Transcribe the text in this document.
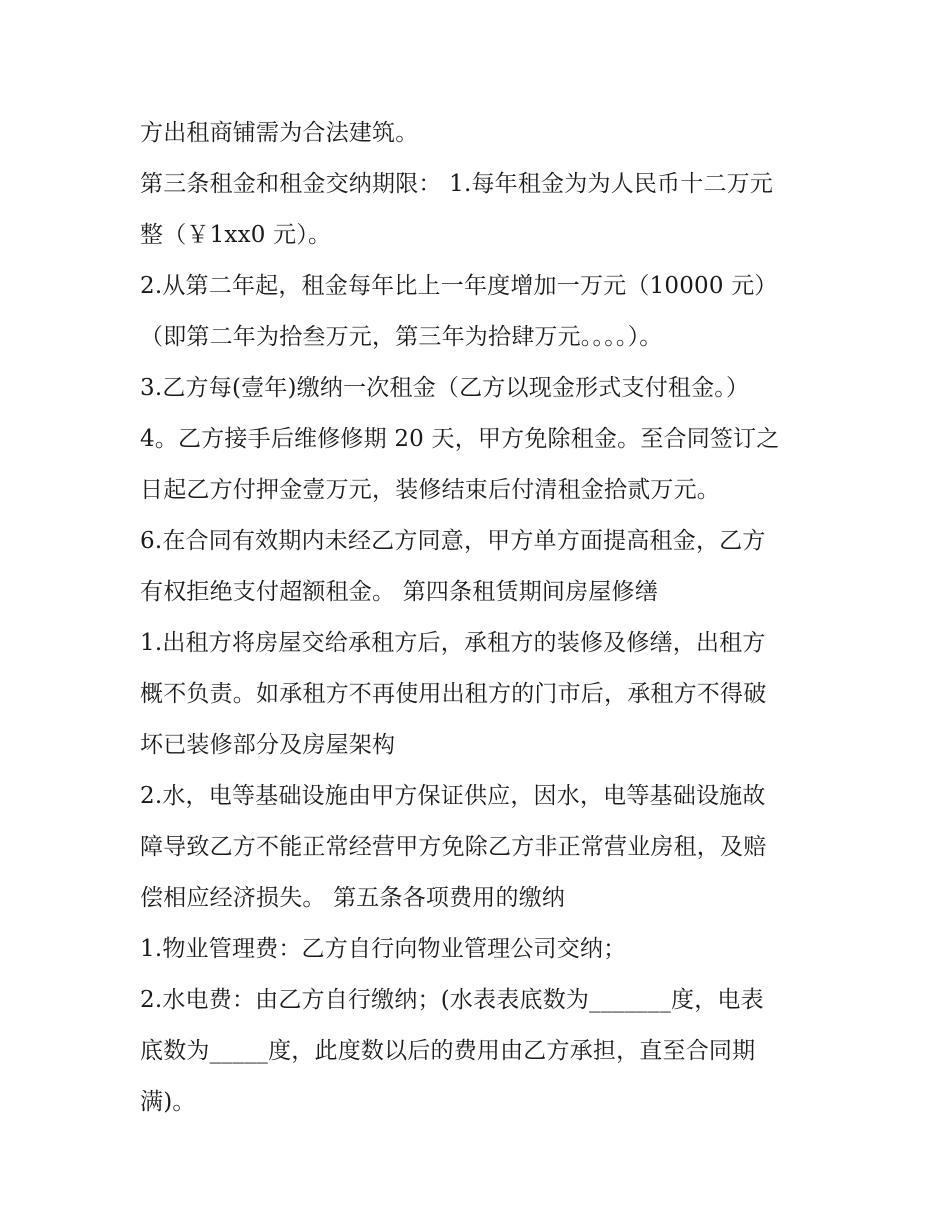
方出租商铺需为合法建筑。
第三条租金和租金交纳期限： 1.每年租金为为人民币十二万元
整（￥1xx0 元）。
2.从第二年起，租金每年比上一年度增加一万元（10000 元）
（即第二年为拾叁万元，第三年为拾肆万元。。。。）。
3.乙方每(壹年)缴纳一次租金（乙方以现金形式支付租金。）
4。乙方接手后维修修期 20 天，甲方免除租金。至合同签订之
日起乙方付押金壹万元，装修结束后付清租金拾贰万元。
6.在合同有效期内未经乙方同意，甲方单方面提高租金，乙方
有权拒绝支付超额租金。 第四条租赁期间房屋修缮
1.出租方将房屋交给承租方后，承租方的装修及修缮，出租方
概不负责。如承租方不再使用出租方的门市后，承租方不得破
坏已装修部分及房屋架构
2.水，电等基础设施由甲方保证供应，因水，电等基础设施故
障导致乙方不能正常经营甲方免除乙方非正常营业房租，及赔
偿相应经济损失。 第五条各项费用的缴纳
1.物业管理费：乙方自行向物业管理公司交纳；
2.水电费：由乙方自行缴纳；(水表表底数为_______度，电表
底数为_____度，此度数以后的费用由乙方承担，直至合同期
满)。
